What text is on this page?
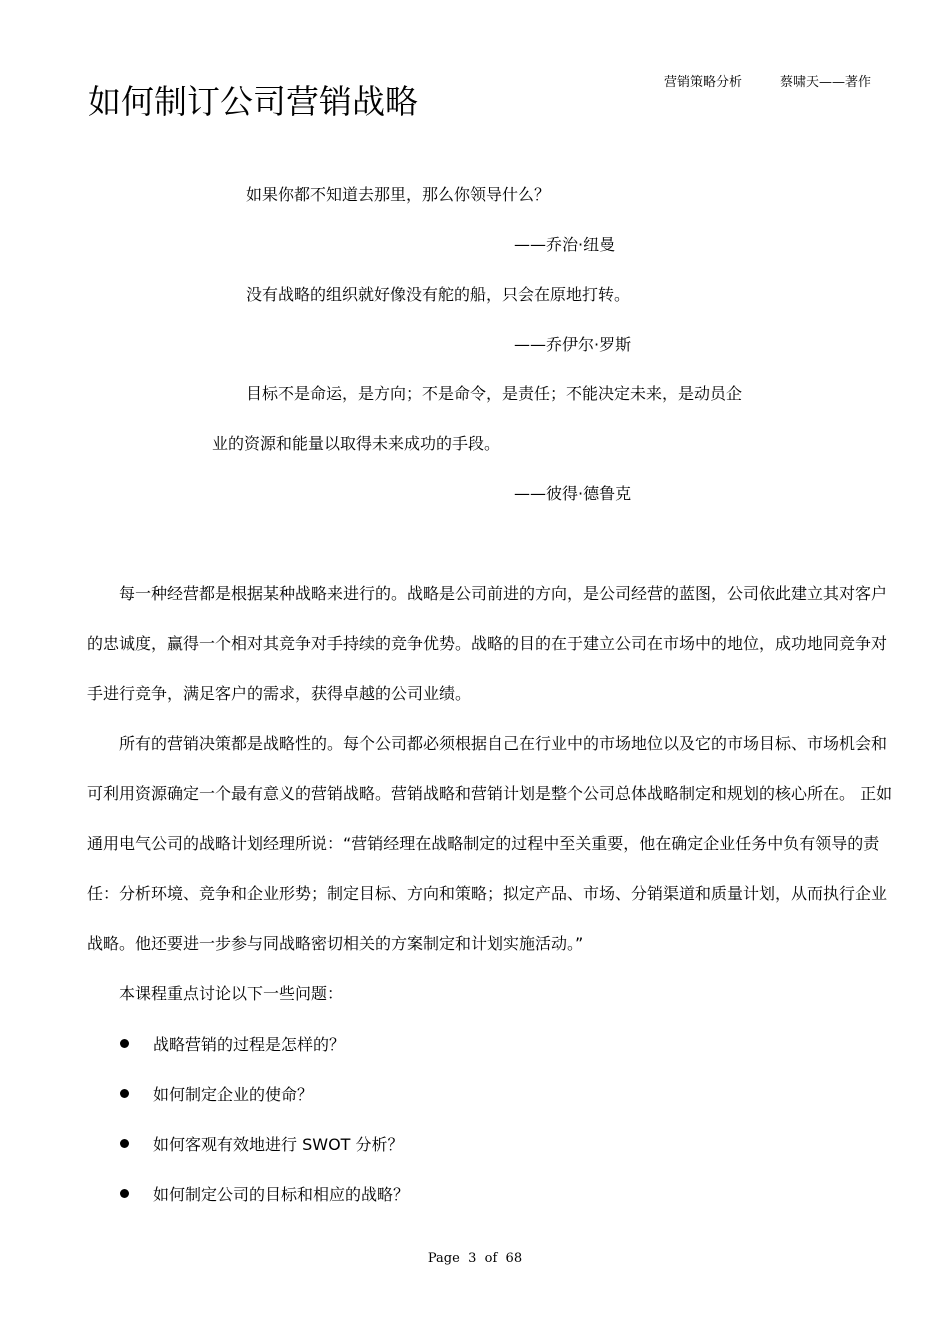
营销策略分析	蔡啸天——著作
如何制订公司营销战略
如果你都不知道去那里，那么你领导什么？
——乔治·纽曼
没有战略的组织就好像没有舵的船，只会在原地打转。
——乔伊尔·罗斯
目标不是命运，是方向；不是命令，是责任；不能决定未来，是动员企
业的资源和能量以取得未来成功的手段。
——彼得·德鲁克

每一种经营都是根据某种战略来进行的。战略是公司前进的方向，是公司经营的蓝图，公司依此建立其对客户的忠诚度，赢得一个相对其竞争对手持续的竞争优势。战略的目的在于建立公司在市场中的地位，成功地同竞争对手进行竞争，满足客户的需求，获得卓越的公司业绩。

所有的营销决策都是战略性的。每个公司都必须根据自己在行业中的市场地位以及它的市场目标、市场机会和可利用资源确定一个最有意义的营销战略。营销战略和营销计划是整个公司总体战略制定和规划的核心所在。 正如通用电气公司的战略计划经理所说：“营销经理在战略制定的过程中至关重要，他在确定企业任务中负有领导的责任：分析环境、竞争和企业形势；制定目标、方向和策略；拟定产品、市场、分销渠道和质量计划，从而执行企业战略。他还要进一步参与同战略密切相关的方案制定和计划实施活动。”

本课程重点讨论以下一些问题：

战略营销的过程是怎样的？
如何制定企业的使命？
如何客观有效地进行 SWOT 分析？
如何制定公司的目标和相应的战略？
Page 3 of 68
